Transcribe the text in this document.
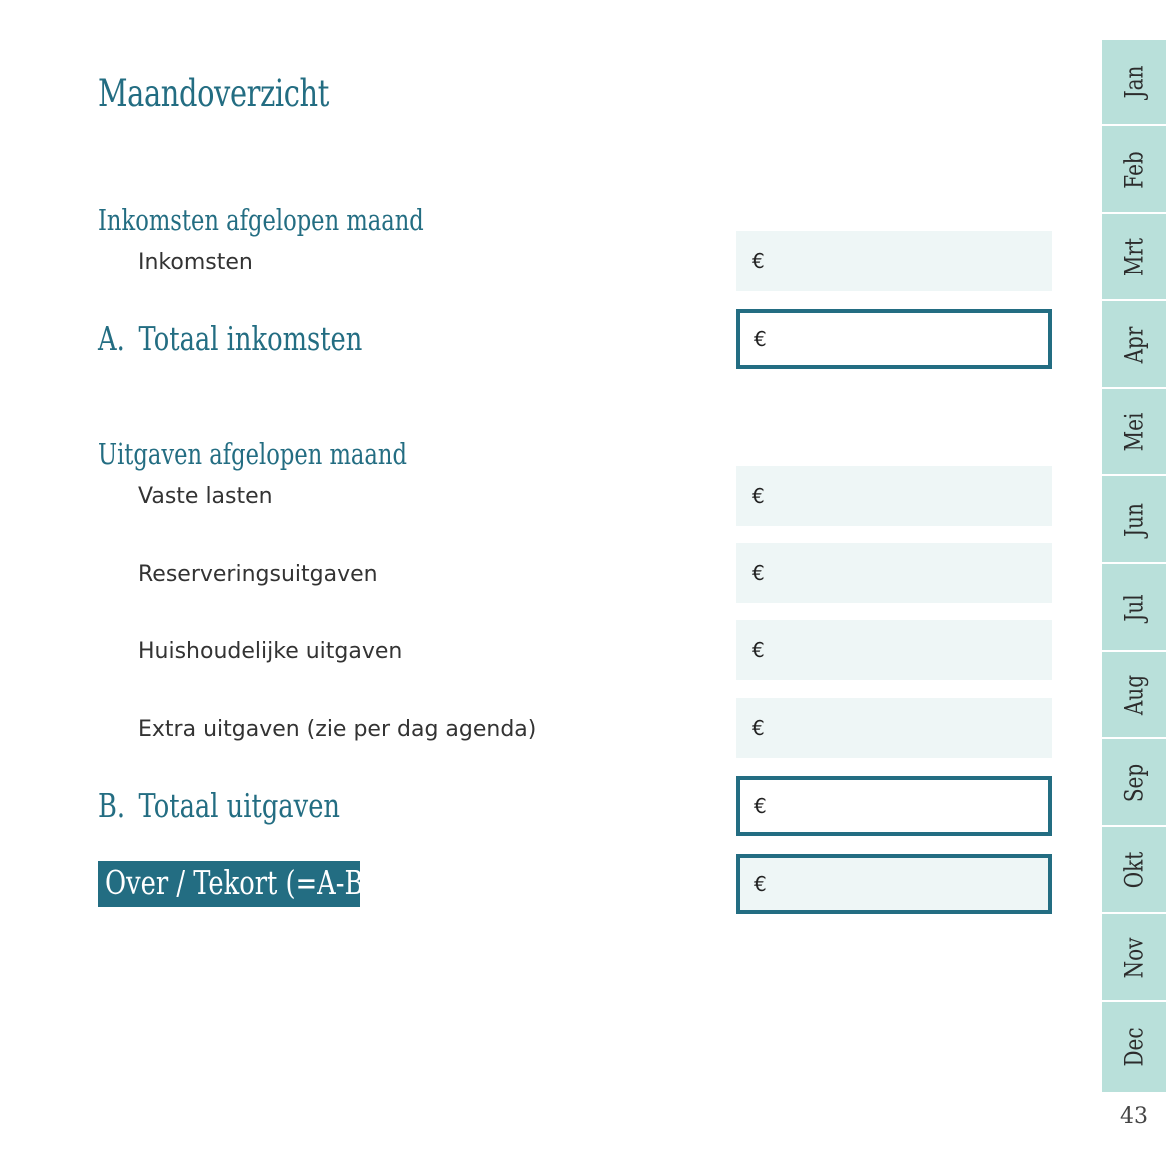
Maandoverzicht
Inkomsten afgelopen maand
Inkomsten	€
A. Totaal inkomsten	€
Uitgaven afgelopen maand
Vaste lasten	€
Reserveringsuitgaven	€
Huishoudelijke uitgaven	€
Extra uitgaven (zie per dag agenda)	€
B. Totaal uitgaven	€
Over / Tekort (=A-B)	€
Jan
Feb
Mrt
Apr
Mei
Jun
Jul
Aug
Sep
Okt
Nov
Dec
43
